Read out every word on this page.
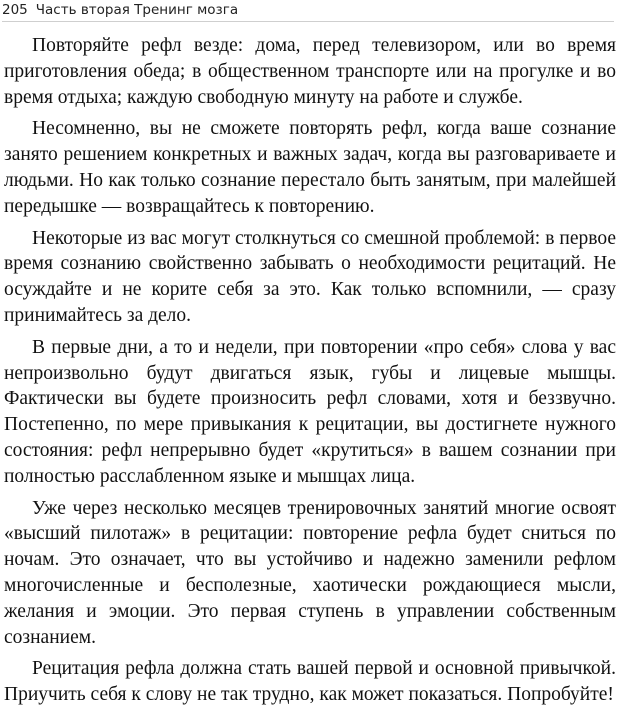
205 Часть вторая Тренинг мозга

Повторяйте рефл везде: дома, перед телевизором, или во время приготовления обеда; в общественном транспорте или на прогулке и во время отдыха; каждую свободную минуту на работе и службе.

Несомненно, вы не сможете повторять рефл, когда ваше сознание занято решением конкретных и важных задач, когда вы разговариваете и людьми. Но как только сознание перестало быть занятым, при малейшей передышке — возвращайтесь к повторению.

Некоторые из вас могут столкнуться со смешной проблемой: в первое время сознанию свойственно забывать о необходимости рецитаций. Не осуждайте и не корите себя за это. Как только вспомнили, — сразу принимайтесь за дело.

В первые дни, а то и недели, при повторении «про себя» слова у вас непроизвольно будут двигаться язык, губы и лицевые мышцы. Фактически вы будете произносить рефл словами, хотя и беззвучно. Постепенно, по мере привыкания к рецитации, вы достигнете нужного состояния: рефл непрерывно будет «крутиться» в вашем сознании при полностью расслабленном языке и мышцах лица.

Уже через несколько месяцев тренировочных занятий многие освоят «высший пилотаж» в рецитации: повторение рефла будет сниться по ночам. Это означает, что вы устойчиво и надежно заменили рефлом многочисленные и бесполезные, хаотически рождающиеся мысли, желания и эмоции. Это первая ступень в управлении собственным сознанием.

Рецитация рефла должна стать вашей первой и основной привычкой. Приучить себя к слову не так трудно, как может показаться. Попробуйте!
